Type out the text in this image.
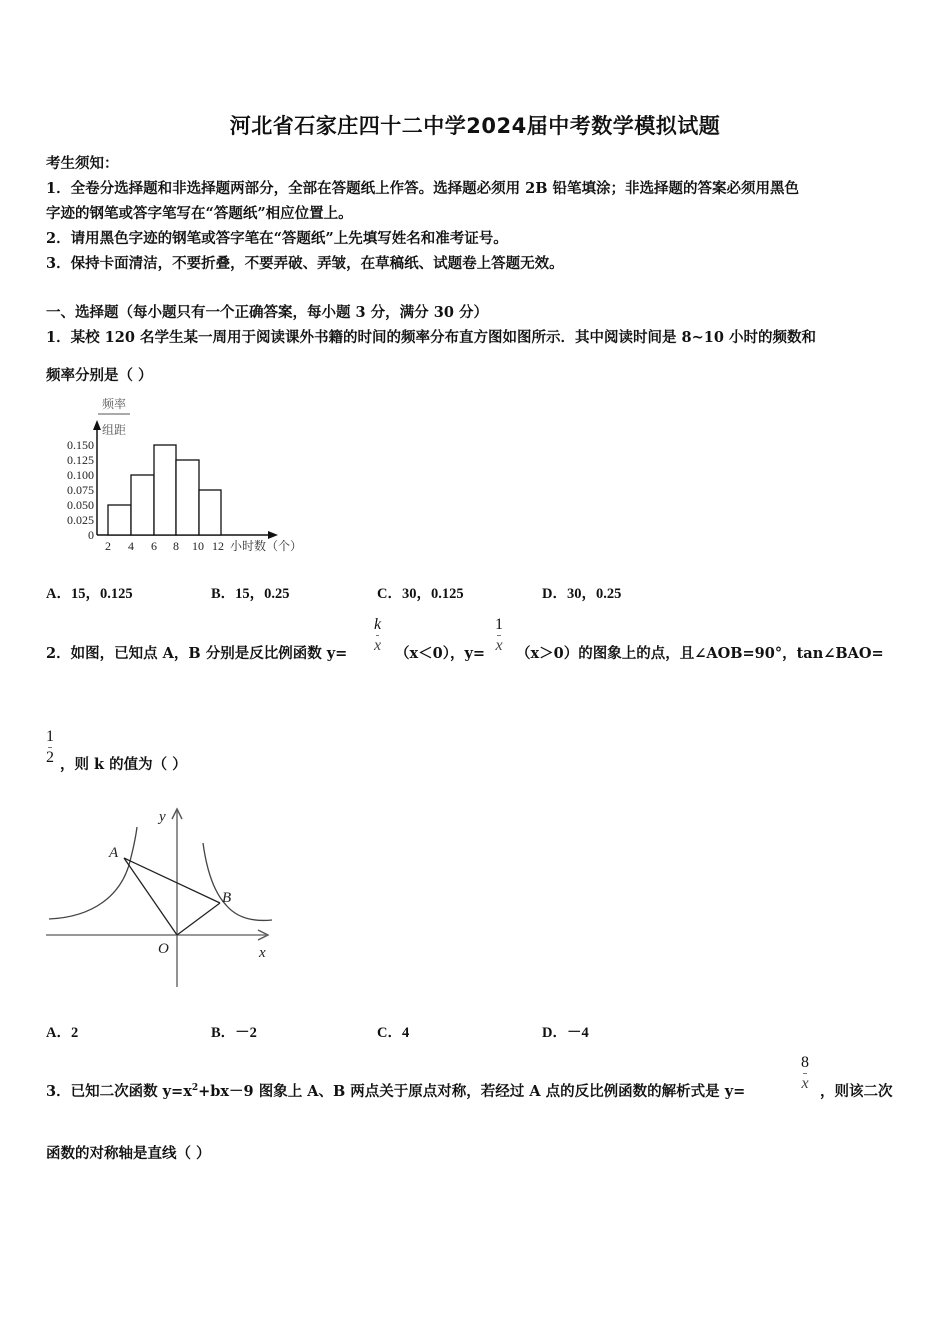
河北省石家庄四十二中学2024届中考数学模拟试题
考生须知：
1．全卷分选择题和非选择题两部分，全部在答题纸上作答。选择题必须用 2B 铅笔填涂；非选择题的答案必须用黑色
字迹的钢笔或答字笔写在“答题纸”相应位置上。
2．请用黑色字迹的钢笔或答字笔在“答题纸”上先填写姓名和准考证号。
3．保持卡面清洁，不要折叠，不要弄破、弄皱，在草稿纸、试题卷上答题无效。
一、选择题（每小题只有一个正确答案，每小题 3 分，满分 30 分）
1．某校 120 名学生某一周用于阅读课外书籍的时间的频率分布直方图如图所示．其中阅读时间是 8~10 小时的频数和
频率分别是（ ）
频率
组距
0
0.025
0.050
0.075
0.100
0.125
0.150
2 4 6 8 10 12 小时数（个）
A．15，0.125	B．15，0.25	C．30，0.125	D．30，0.25
2．如图，已知点 A，B 分别是反比例函数 y=
k
x （x＜0），y=
1
x （x＞0）的图象上的点，且∠AOB=90°，tan∠BAO=
1
2 ，则 k 的值为（ ）
A
B
O	x
y
A．2	B．－2	C．4	D．－4
3．已知二次函数 $y=x^2+bx-9$ 图象上 A、B 两点关于原点对称，若经过 A 点的反比例函数的解析式是 y=
8
x ，则该二次
函数的对称轴是直线（ ）
